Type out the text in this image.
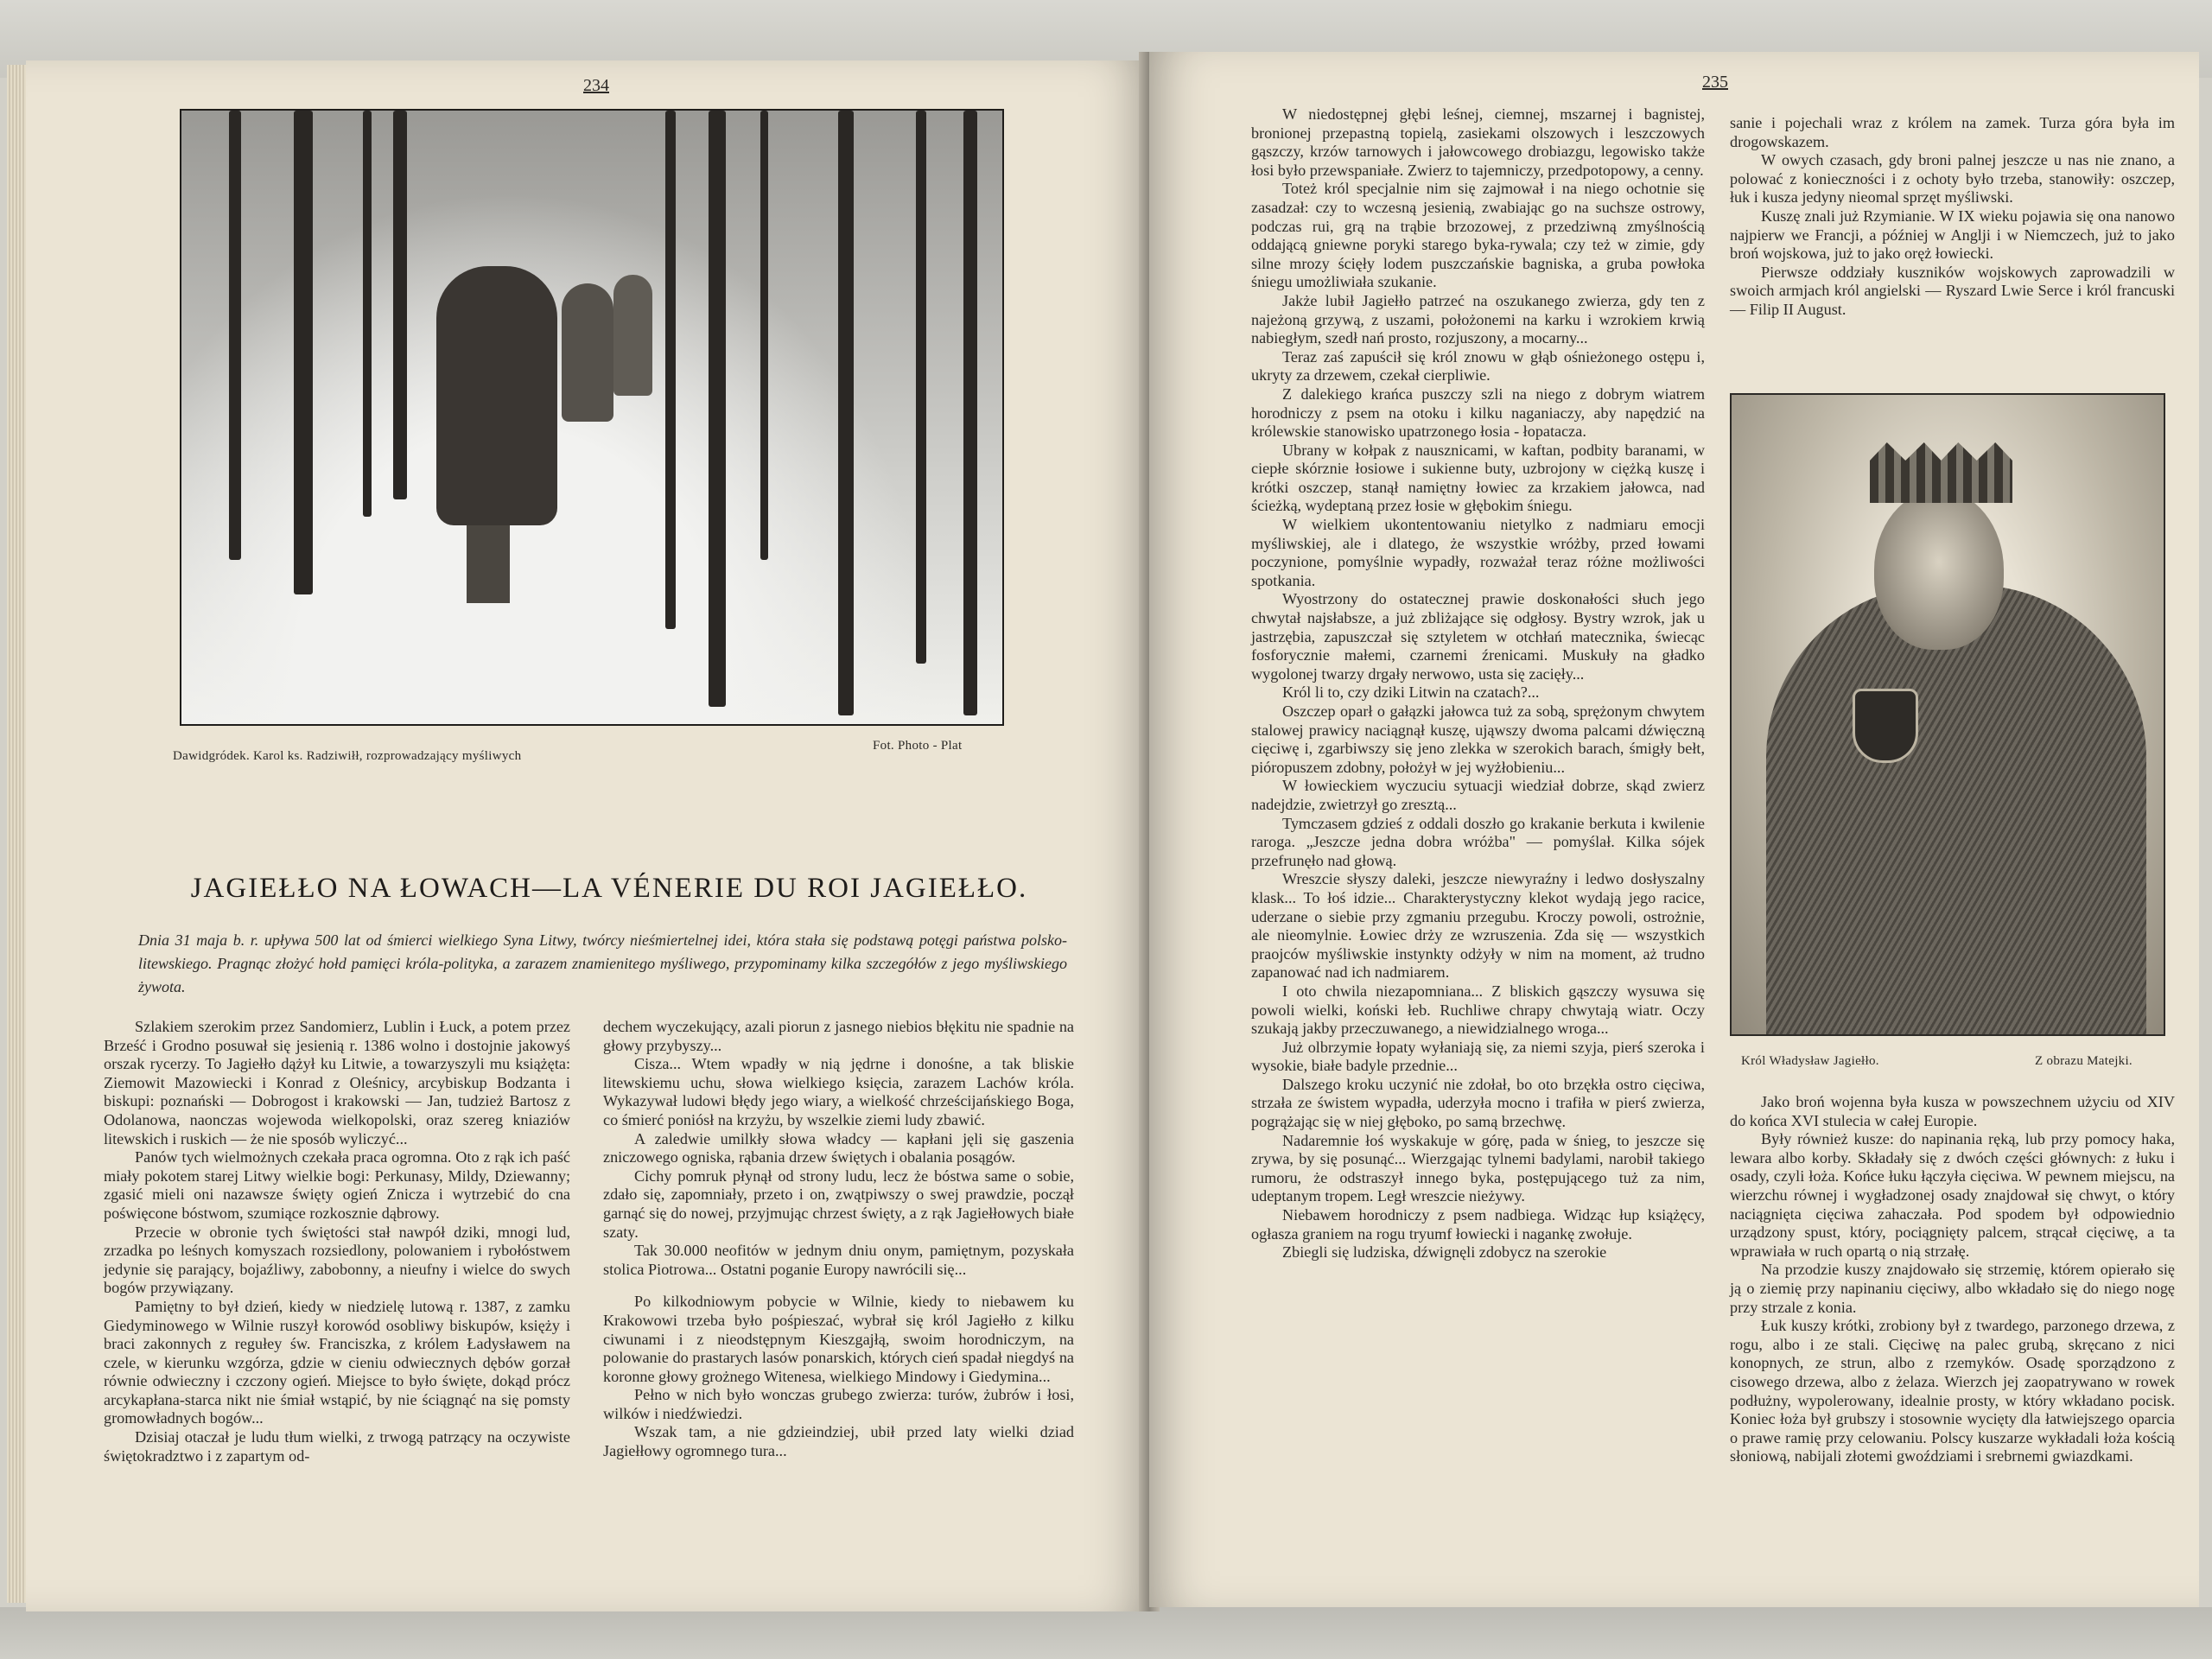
234
Dawidgródek. Karol ks. Radziwiłł, rozprowadzający myśliwych
Fot. Photo - Plat
JAGIEŁŁO NA ŁOWACH—LA VÉNERIE DU ROI JAGIEŁŁO.
Dnia 31 maja b. r. upływa 500 lat od śmierci wielkiego Syna Litwy, twórcy nieśmiertelnej idei, która stała się podstawą potęgi państwa polsko-litewskiego. Pragnąc złożyć hołd pamięci króla-polityka, a zarazem znamienitego myśliwego, przypominamy kilka szczegółów z jego myśliwskiego żywota.

Szlakiem szerokim przez Sandomierz, Lublin i Łuck, a potem przez Brześć i Grodno posuwał się jesienią r. 1386 wolno i dostojnie jakowyś orszak rycerzy. To Jagiełło dążył ku Litwie, a towarzyszyli mu książęta: Ziemowit Mazowiecki i Konrad z Oleśnicy, arcybiskup Bodzanta i biskupi: poznański — Dobrogost i krakowski — Jan, tudzież Bartosz z Odolanowa, naonczas wojewoda wielkopolski, oraz szereg kniaziów litewskich i ruskich — że nie sposób wyliczyć...

Panów tych wielmożnych czekała praca ogromna. Oto z rąk ich paść miały pokotem starej Litwy wielkie bogi: Perkunasy, Mildy, Dziewanny; zgasić mieli oni nazawsze święty ogień Znicza i wytrzebić do cna poświęcone bóstwom, szumiące rozkosznie dąbrowy.

Przecie w obronie tych świętości stał nawpół dziki, mnogi lud, zrzadka po leśnych komyszach rozsiedlony, polowaniem i rybołóstwem jedynie się parający, bojaźliwy, zabobonny, a nieufny i wielce do swych bogów przywiązany.

Pamiętny to był dzień, kiedy w niedzielę lutową r. 1387, z zamku Giedyminowego w Wilnie ruszył korowód osobliwy biskupów, księży i braci zakonnych z regułey św. Franciszka, z królem Ładysławem na czele, w kierunku wzgórza, gdzie w cieniu odwiecznych dębów gorzał równie odwieczny i czczony ogień. Miejsce to było święte, dokąd prócz arcykapłana-starca nikt nie śmiał wstąpić, by nie ściągnąć na się pomsty gromowładnych bogów...

Dzisiaj otaczał je ludu tłum wielki, z trwogą patrzący na oczywiste świętokradztwo i z zapartym od-

dechem wyczekujący, azali piorun z jasnego niebios błękitu nie spadnie na głowy przybyszy...

Cisza... Wtem wpadły w nią jędrne i donośne, a tak bliskie litewskiemu uchu, słowa wielkiego księcia, zarazem Lachów króla. Wykazywał ludowi błędy jego wiary, a wielkość chrześcijańskiego Boga, co śmierć poniósł na krzyżu, by wszelkie ziemi ludy zbawić.

A zaledwie umilkły słowa władcy — kapłani jęli się gaszenia zniczowego ogniska, rąbania drzew świętych i obalania posągów.

Cichy pomruk płynął od strony ludu, lecz że bóstwa same o sobie, zdało się, zapomniały, przeto i on, zwątpiwszy o swej prawdzie, począł garnąć się do nowej, przyjmując chrzest święty, a z rąk Jagiełłowych białe szaty.

Tak 30.000 neofitów w jednym dniu onym, pamiętnym, pozyskała stolica Piotrowa... Ostatni poganie Europy nawrócili się...

Po kilkodniowym pobycie w Wilnie, kiedy to niebawem ku Krakowowi trzeba było pośpieszać, wybrał się król Jagiełło z kilku ciwunami i z nieodstępnym Kieszgajłą, swoim horodniczym, na polowanie do prastarych lasów ponarskich, których cień spadał niegdyś na koronne głowy grożnego Witenesa, wielkiego Mindowy i Giedymina...

Pełno w nich było wonczas grubego zwierza: turów, żubrów i łosi, wilków i niedźwiedzi.

Wszak tam, a nie gdzieindziej, ubił przed laty wielki dziad Jagiełłowy ogromnego tura...

235

W niedostępnej głębi leśnej, ciemnej, mszarnej i bagnistej, bronionej przepastną topielą, zasiekami olszowych i leszczowych gąszczy, krzów tarnowych i jałowcowego drobiazgu, legowisko także łosi było przewspaniałe. Zwierz to tajemniczy, przedpotopowy, a cenny.

Toteż król specjalnie nim się zajmował i na niego ochotnie się zasadzał: czy to wczesną jesienią, zwabiając go na suchsze ostrowy, podczas rui, grą na trąbie brzozowej, z przedziwną zmyślnością oddającą gniewne poryki starego byka-rywala; czy też w zimie, gdy silne mrozy ścięły lodem puszczańskie bagniska, a gruba powłoka śniegu umożliwiała szukanie.

Jakże lubił Jagiełło patrzeć na oszukanego zwierza, gdy ten z najeżoną grzywą, z uszami, położonemi na karku i wzrokiem krwią nabiegłym, szedł nań prosto, rozjuszony, a mocarny...

Teraz zaś zapuścił się król znowu w głąb ośnieżonego ostępu i, ukryty za drzewem, czekał cierpliwie.

Z dalekiego krańca puszczy szli na niego z dobrym wiatrem horodniczy z psem na otoku i kilku naganiaczy, aby napędzić na królewskie stanowisko upatrzonego łosia - łopatacza.

Ubrany w kołpak z nausznicami, w kaftan, podbity baranami, w ciepłe skórznie łosiowe i sukienne buty, uzbrojony w ciężką kuszę i krótki oszczep, stanął namiętny łowiec za krzakiem jałowca, nad ścieżką, wydeptaną przez łosie w głębokim śniegu.

W wielkiem ukontentowaniu nietylko z nadmiaru emocji myśliwskiej, ale i dlatego, że wszystkie wróżby, przed łowami poczynione, pomyślnie wypadły, rozważał teraz różne możliwości spotkania.

Wyostrzony do ostatecznej prawie doskonałości słuch jego chwytał najsłabsze, a już zbliżające się odgłosy. Bystry wzrok, jak u jastrzębia, zapuszczał się sztyletem w otchłań matecznika, świecąc fosforycznie małemi, czarnemi źrenicami. Muskuły na gładko wygolonej twarzy drgały nerwowo, usta się zacięły...

Król li to, czy dziki Litwin na czatach?...

Oszczep oparł o gałązki jałowca tuż za sobą, sprężonym chwytem stalowej prawicy naciągnął kuszę, ująwszy dwoma palcami dźwięczną cięciwę i, zgarbiwszy się jeno zlekka w szerokich barach, śmigły bełt, pióropuszem zdobny, położył w jej wyżłobieniu...

W łowieckiem wyczuciu sytuacji wiedział dobrze, skąd zwierz nadejdzie, zwietrzył go zresztą...

Tymczasem gdzieś z oddali doszło go krakanie berkuta i kwilenie raroga. „Jeszcze jedna dobra wróżba" — pomyślał. Kilka sójek przefrunęło nad głową.

Wreszcie słyszy daleki, jeszcze niewyraźny i ledwo dosłyszalny klask... To łoś idzie... Charakterystyczny klekot wydają jego racice, uderzane o siebie przy zgmaniu przegubu. Kroczy powoli, ostrożnie, ale nieomylnie. Łowiec drży ze wzruszenia. Zda się — wszystkich praojców myśliwskie instynkty odżyły w nim na moment, aż trudno zapanować nad ich nadmiarem.

I oto chwila niezapomniana... Z bliskich gąszczy wysuwa się powoli wielki, koński łeb. Ruchliwe chrapy chwytają wiatr. Oczy szukają jakby przeczuwanego, a niewidzialnego wroga...

Już olbrzymie łopaty wyłaniają się, za niemi szyja, pierś szeroka i wysokie, białe badyle przednie...

Dalszego kroku uczynić nie zdołał, bo oto brzękła ostro cięciwa, strzała ze świstem wypadła, uderzyła mocno i trafiła w pierś zwierza, pogrążając się w niej głęboko, po samą brzechwę.

Nadaremnie łoś wyskakuje w górę, pada w śnieg, to jeszcze się zrywa, by się posunąć... Wierzgając tylnemi badylami, narobił takiego rumoru, że odstraszył innego byka, postępującego tuż za nim, udeptanym tropem. Legł wreszcie nieżywy.

Niebawem horodniczy z psem nadbiega. Widząc łup książęcy, ogłasza graniem na rogu tryumf łowiecki i nagankę zwołuje.

Zbiegli się ludziska, dźwignęli zdobycz na szerokie

sanie i pojechali wraz z królem na zamek. Turza góra była im drogowskazem.

W owych czasach, gdy broni palnej jeszcze u nas nie znano, a polować z konieczności i z ochoty było trzeba, stanowiły: oszczep, łuk i kusza jedyny nieomal sprzęt myśliwski.

Kuszę znali już Rzymianie. W IX wieku pojawia się ona nanowo najpierw we Francji, a później w Anglji i w Niemczech, już to jako broń wojskowa, już to jako oręż łowiecki.

Pierwsze oddziały kuszników wojskowych zaprowadzili w swoich armjach król angielski — Ryszard Lwie Serce i król francuski — Filip II August.

Król Władysław Jagiełło.	Z obrazu Matejki.

Jako broń wojenna była kusza w powszechnem użyciu od XIV do końca XVI stulecia w całej Europie.

Były również kusze: do napinania ręką, lub przy pomocy haka, lewara albo korby. Składały się z dwóch części głównych: z łuku i osady, czyli łoża. Końce łuku łączyła cięciwa. W pewnem miejscu, na wierzchu równej i wygładzonej osady znajdował się chwyt, o który naciągnięta cięciwa zahaczała. Pod spodem był odpowiednio urządzony spust, który, pociągnięty palcem, strącał cięciwę, a ta wprawiała w ruch opartą o nią strzałę.

Na przodzie kuszy znajdowało się strzemię, którem opierało się ją o ziemię przy napinaniu cięciwy, albo wkładało się do niego nogę przy strzale z konia.

Łuk kuszy krótki, zrobiony był z twardego, parzonego drzewa, z rogu, albo i ze stali. Cięciwę na palec grubą, skręcano z nici konopnych, ze strun, albo z rzemyków. Osadę sporządzono z cisowego drzewa, albo z żelaza. Wierzch jej zaopatrywano w rowek podłużny, wypolerowany, idealnie prosty, w który wkładano pocisk. Koniec łoża był grubszy i stosownie wycięty dla łatwiejszego oparcia o prawe ramię przy celowaniu. Polscy kuszarze wykładali łoża kością słoniową, nabijali złotemi gwoździami i srebrnemi gwiazdkami.
